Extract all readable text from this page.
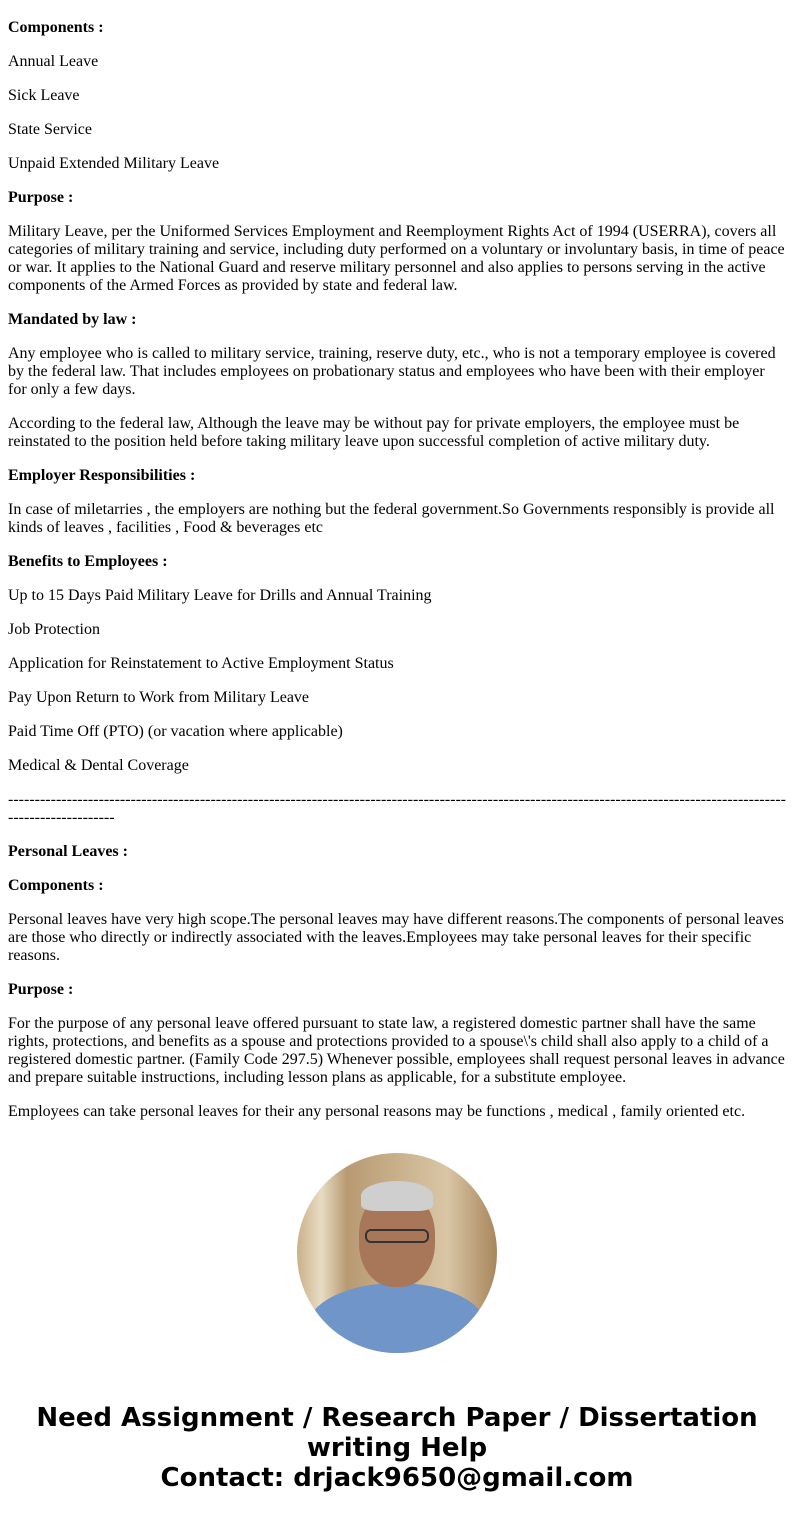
Components :

Annual Leave

Sick Leave

State Service

Unpaid Extended Military Leave

Purpose :

Military Leave, per the Uniformed Services Employment and Reemployment Rights Act of 1994 (USERRA), covers all categories of military training and service, including duty performed on a voluntary or involuntary basis, in time of peace or war. It applies to the National Guard and reserve military personnel and also applies to persons serving in the active components of the Armed Forces as provided by state and federal law.

Mandated by law :

Any employee who is called to military service, training, reserve duty, etc., who is not a temporary employee is covered by the federal law. That includes employees on probationary status and employees who have been with their employer for only a few days.

According to the federal law, Although the leave may be without pay for private employers, the employee must be reinstated to the position held before taking military leave upon successful completion of active military duty.

Employer Responsibilities :

In case of miletarries , the employers are nothing but the federal government.So Governments responsibly is provide all kinds of leaves , facilities , Food & beverages etc

Benefits to Employees :

Up to 15 Days Paid Military Leave for Drills and Annual Training

Job Protection

Application for Reinstatement to Active Employment Status

Pay Upon Return to Work from Military Leave

Paid Time Off (PTO) (or vacation where applicable)

Medical & Dental Coverage

----------------------------------------------------------------------------------------------------------------------------------------------------------------------

Personal Leaves :

Components :

Personal leaves have very high scope.The personal leaves may have different reasons.The components of personal leaves are those who directly or indirectly associated with the leaves.Employees may take personal leaves for their specific reasons.

Purpose :

For the purpose of any personal leave offered pursuant to state law, a registered domestic partner shall have the same rights, protections, and benefits as a spouse and protections provided to a spouse\'s child shall also apply to a child of a registered domestic partner. (Family Code 297.5) Whenever possible, employees shall request personal leaves in advance and prepare suitable instructions, including lesson plans as applicable, for a substitute employee.

Employees can take personal leaves for their any personal reasons may be functions , medical , family oriented etc.

Need Assignment / Research Paper / Dissertation writing Help
Contact: drjack9650@gmail.com
